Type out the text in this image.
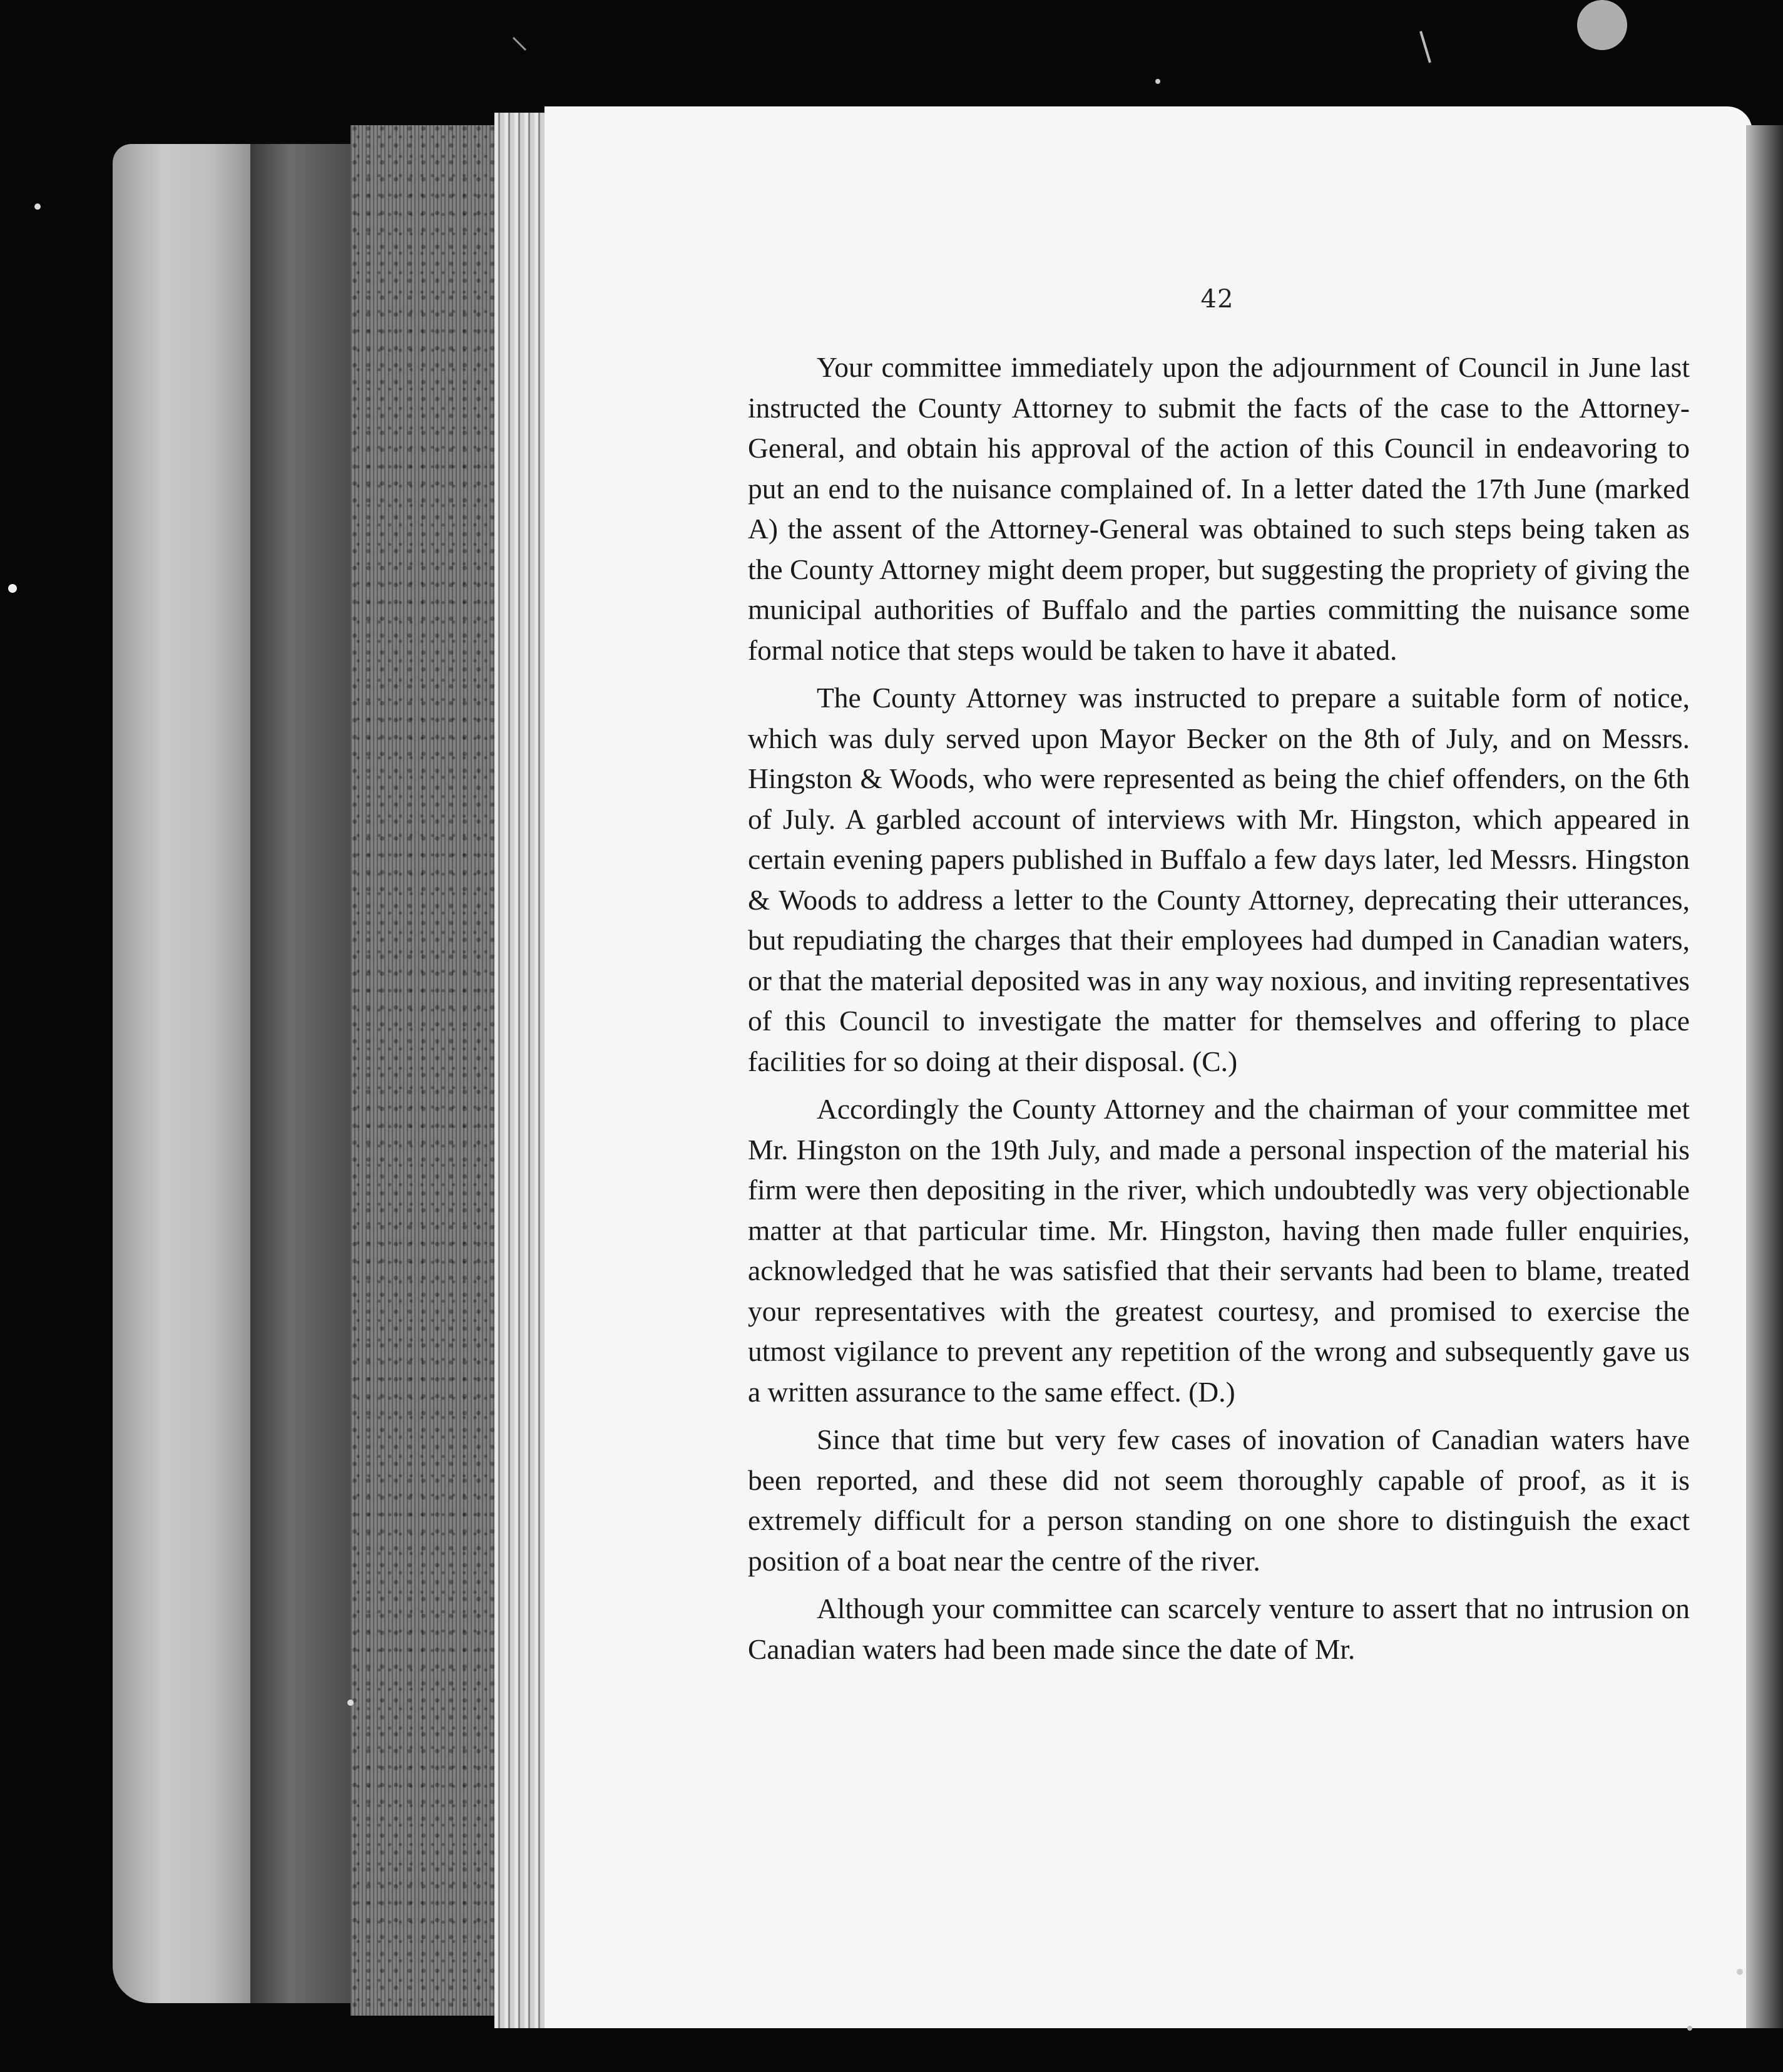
42

Your committee immediately upon the adjournment of Council in June last instructed the County Attorney to submit the facts of the case to the Attorney-General, and obtain his approval of the action of this Council in endeavoring to put an end to the nuisance complained of. In a letter dated the 17th June (marked A) the assent of the Attorney-General was obtained to such steps being taken as the County Attorney might deem proper, but suggesting the propriety of giving the municipal authorities of Buffalo and the parties committing the nuisance some formal notice that steps would be taken to have it abated.

The County Attorney was instructed to prepare a suitable form of notice, which was duly served upon Mayor Becker on the 8th of July, and on Messrs. Hingston & Woods, who were represented as being the chief offenders, on the 6th of July. A garbled account of interviews with Mr. Hingston, which appeared in certain evening papers published in Buffalo a few days later, led Messrs. Hingston & Woods to address a letter to the County Attorney, deprecating their utterances, but repudiating the charges that their employees had dumped in Canadian waters, or that the material deposited was in any way noxious, and inviting representatives of this Council to investigate the matter for themselves and offering to place facilities for so doing at their disposal. (C.)

Accordingly the County Attorney and the chairman of your committee met Mr. Hingston on the 19th July, and made a personal inspection of the material his firm were then depositing in the river, which undoubtedly was very objectionable matter at that particular time. Mr. Hingston, having then made fuller enquiries, acknowledged that he was satisfied that their servants had been to blame, treated your representatives with the greatest courtesy, and promised to exercise the utmost vigilance to prevent any repetition of the wrong and subsequently gave us a written assurance to the same effect. (D.)

Since that time but very few cases of inovation of Canadian waters have been reported, and these did not seem thoroughly capable of proof, as it is extremely difficult for a person standing on one shore to distinguish the exact position of a boat near the centre of the river.

Although your committee can scarcely venture to assert that no intrusion on Canadian waters had been made since the date of Mr.
